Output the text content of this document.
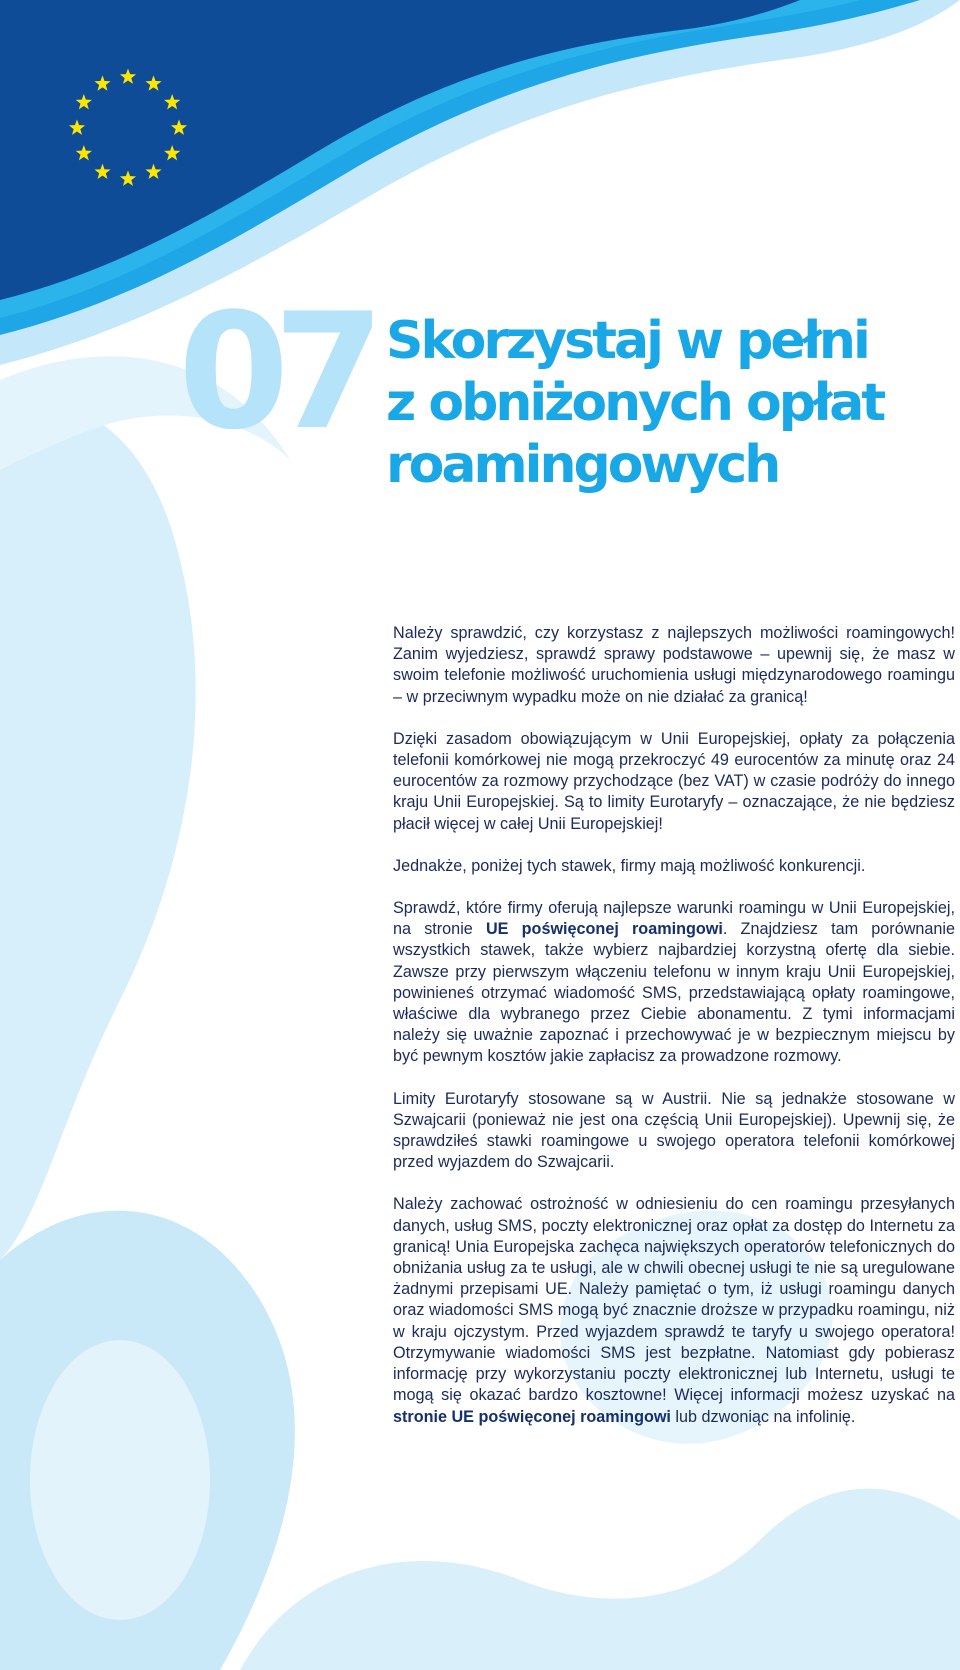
07 Skorzystaj w pełni
z obniżonych opłat
roamingowych

Należy sprawdzić, czy korzystasz z najlepszych możliwości roamingowych! Zanim wyjedziesz, sprawdź sprawy podstawowe – upewnij się, że masz w swoim telefonie możliwość uruchomienia usługi międzynarodowego roamingu – w przeciwnym wypadku może on nie działać za granicą!

Dzięki zasadom obowiązującym w Unii Europejskiej, opłaty za połączenia telefonii komórkowej nie mogą przekroczyć 49 eurocentów za minutę oraz 24 eurocentów za rozmowy przychodzące (bez VAT) w czasie podróży do innego kraju Unii Europejskiej. Są to limity Eurotaryfy – oznaczające, że nie będziesz płacił więcej w całej Unii Europejskiej!

Jednakże, poniżej tych stawek, firmy mają możliwość konkurencji.

Sprawdź, które firmy oferują najlepsze warunki roamingu w Unii Europejskiej, na stronie UE poświęconej roamingowi. Znajdziesz tam porównanie wszystkich stawek, także wybierz najbardziej korzystną ofertę dla siebie. Zawsze przy pierwszym włączeniu telefonu w innym kraju Unii Europejskiej, powinieneś otrzymać wiadomość SMS, przedstawiającą opłaty roamingowe, właściwe dla wybranego przez Ciebie abonamentu. Z tymi informacjami należy się uważnie zapoznać i przechowywać je w bezpiecznym miejscu by być pewnym kosztów jakie zapłacisz za prowadzone rozmowy.

Limity Eurotaryfy stosowane są w Austrii. Nie są jednakże stosowane w Szwajcarii (ponieważ nie jest ona częścią Unii Europejskiej). Upewnij się, że sprawdziłeś stawki roamingowe u swojego operatora telefonii komórkowej przed wyjazdem do Szwajcarii.

Należy zachować ostrożność w odniesieniu do cen roamingu przesyłanych danych, usług SMS, poczty elektronicznej oraz opłat za dostęp do Internetu za granicą! Unia Europejska zachęca największych operatorów telefonicznych do obniżania usług za te usługi, ale w chwili obecnej usługi te nie są uregulowane żadnymi przepisami UE. Należy pamiętać o tym, iż usługi roamingu danych oraz wiadomości SMS mogą być znacznie droższe w przypadku roamingu, niż w kraju ojczystym. Przed wyjazdem sprawdź te taryfy u swojego operatora! Otrzymywanie wiadomości SMS jest bezpłatne. Natomiast gdy pobierasz informację przy wykorzystaniu poczty elektronicznej lub Internetu, usługi te mogą się okazać bardzo kosztowne! Więcej informacji możesz uzyskać na stronie UE poświęconej roamingowi lub dzwoniąc na infolinię.
